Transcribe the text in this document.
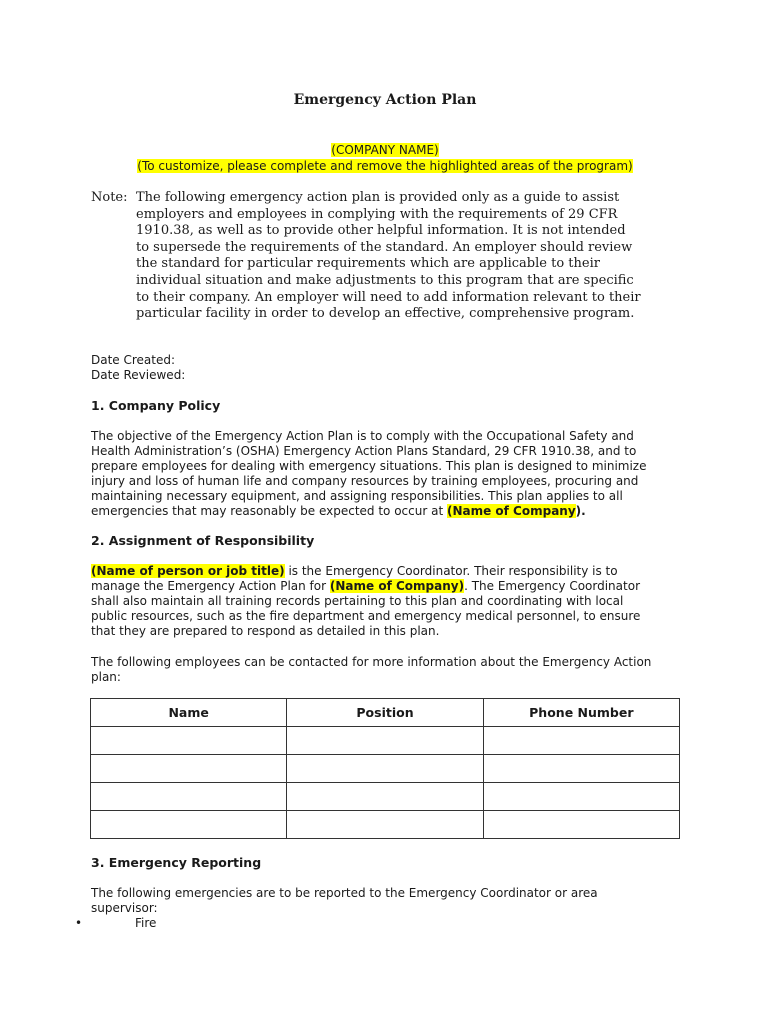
Emergency Action Plan
(COMPANY NAME)
(To customize, please complete and remove the highlighted areas of the program)
Note: The following emergency action plan is provided only as a guide to assist
employers and employees in complying with the requirements of 29 CFR
1910.38, as well as to provide other helpful information. It is not intended
to supersede the requirements of the standard. An employer should review
the standard for particular requirements which are applicable to their
individual situation and make adjustments to this program that are specific
to their company. An employer will need to add information relevant to their
particular facility in order to develop an effective, comprehensive program.
Date Created:
Date Reviewed:
1. Company Policy
The objective of the Emergency Action Plan is to comply with the Occupational Safety and
Health Administration’s (OSHA) Emergency Action Plans Standard, 29 CFR 1910.38, and to
prepare employees for dealing with emergency situations. This plan is designed to minimize
injury and loss of human life and company resources by training employees, procuring and
maintaining necessary equipment, and assigning responsibilities. This plan applies to all
emergencies that may reasonably be expected to occur at (Name of Company).
2. Assignment of Responsibility
(Name of person or job title) is the Emergency Coordinator. Their responsibility is to
manage the Emergency Action Plan for (Name of Company). The Emergency Coordinator
shall also maintain all training records pertaining to this plan and coordinating with local
public resources, such as the fire department and emergency medical personnel, to ensure
that they are prepared to respond as detailed in this plan.
The following employees can be contacted for more information about the Emergency Action
plan:
Name	Position	Phone Number

3. Emergency Reporting
The following emergencies are to be reported to the Emergency Coordinator or area
supervisor:
•	Fire
